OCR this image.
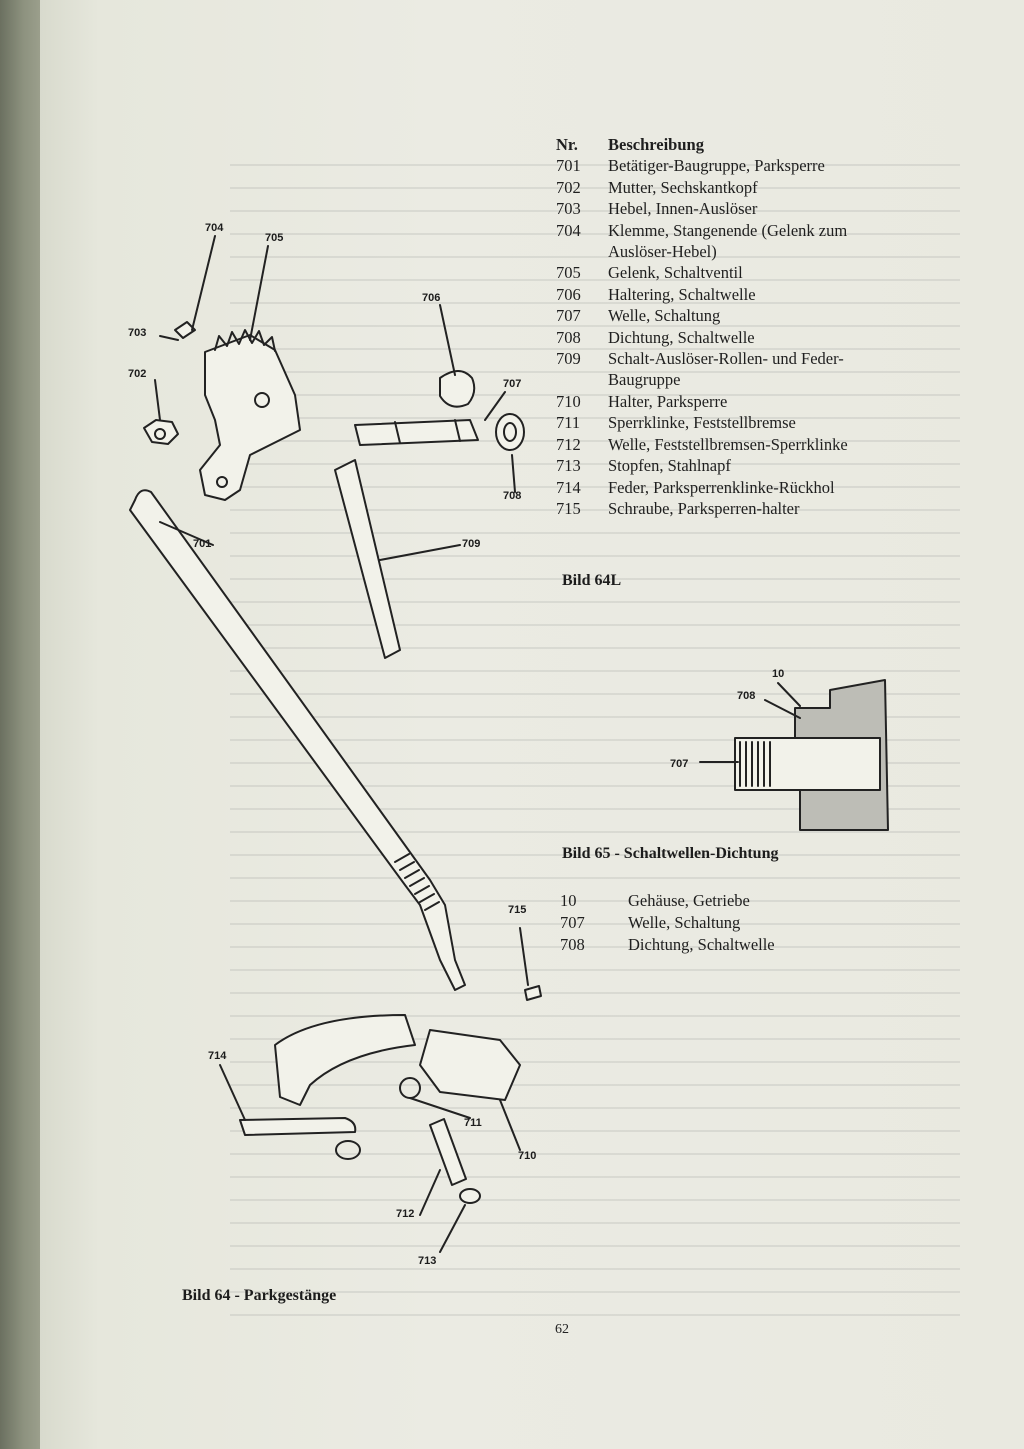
Nr.	Beschreibung
701	Betätiger-Baugruppe, Parksperre
702	Mutter, Sechskantkopf
703	Hebel, Innen-Auslöser
704	Klemme, Stangenende (Gelenk zum
Auslöser-Hebel)
705	Gelenk, Schaltventil
706	Haltering, Schaltwelle
707	Welle, Schaltung
708	Dichtung, Schaltwelle
709	Schalt-Auslöser-Rollen- und Feder-
Baugruppe
710	Halter, Parksperre
711	Sperrklinke, Feststellbremse
712	Welle, Feststellbremsen-Sperrklinke
713	Stopfen, Stahlnapf
714	Feder, Parksperrenklinke-Rückhol
715	Schraube, Parksperren-halter
Bild 64L
Bild 65 - Schaltwellen-Dichtung
10	Gehäuse, Getriebe
707	Welle, Schaltung
708	Dichtung, Schaltwelle
Bild 64 - Parkgestänge
62
704
705
703
702
706
707
708
709
701
715
714
711
710
712
713
10
708
707
